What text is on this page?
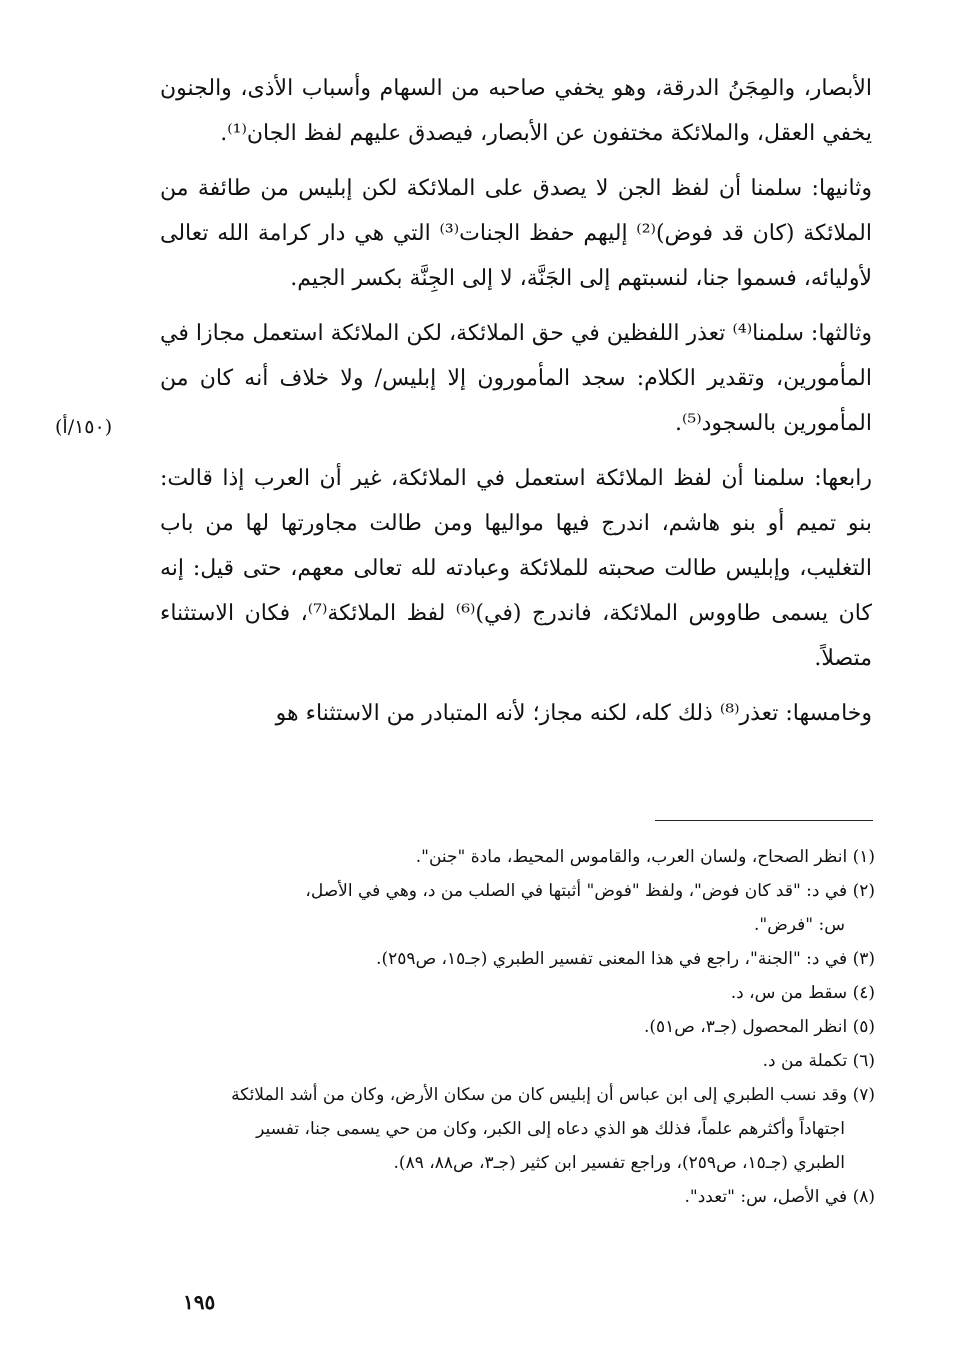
الأبصار، والمِجَنُ الدرقة، وهو يخفي صاحبه من السهام وأسباب الأذى، والجنون يخفي العقل، والملائكة مختفون عن الأبصار، فيصدق عليهم لفظ الجان⁽¹⁾.

وثانيها: سلمنا أن لفظ الجن لا يصدق على الملائكة لكن إبليس من طائفة من الملائكة (كان قد فوض)⁽²⁾ إليهم حفظ الجنات⁽³⁾ التي هي دار كرامة الله تعالى لأوليائه، فسموا جنا، لنسبتهم إلى الجَنَّة، لا إلى الجِنَّة بكسر الجيم.

وثالثها: سلمنا⁽⁴⁾ تعذر اللفظين في حق الملائكة، لكن الملائكة استعمل مجازا في المأمورين، وتقدير الكلام: سجد المأمورون إلا إبليس/ ولا خلاف أنه كان من المأمورين بالسجود⁽⁵⁾.

رابعها: سلمنا أن لفظ الملائكة استعمل في الملائكة، غير أن العرب إذا قالت: بنو تميم أو بنو هاشم، اندرج فيها مواليها ومن طالت مجاورتها لها من باب التغليب، وإبليس طالت صحبته للملائكة وعبادته لله تعالى معهم، حتى قيل: إنه كان يسمى طاووس الملائكة، فاندرج (في)⁽⁶⁾ لفظ الملائكة⁽⁷⁾، فكان الاستثناء متصلاً.

وخامسها: تعذر⁽⁸⁾ ذلك كله، لكنه مجاز؛ لأنه المتبادر من الاستثناء هو

(١٥٠/أ)

(١) انظر الصحاح، ولسان العرب، والقاموس المحيط، مادة "جنن".

(٢) في د: "قد كان فوض"، ولفظ "فوض" أثبتها في الصلب من د، وهي في الأصل،

س: "فرض".

(٣) في د: "الجنة"، راجع في هذا المعنى تفسير الطبري (جـ١٥، ص٢٥٩).

(٤) سقط من س، د.

(٥) انظر المحصول (جـ٣، ص٥١).

(٦) تكملة من د.

(٧) وقد نسب الطبري إلى ابن عباس أن إبليس كان من سكان الأرض، وكان من أشد الملائكة

اجتهاداً وأكثرهم علماً، فذلك هو الذي دعاه إلى الكبر، وكان من حي يسمى جنا، تفسير

الطبري (جـ١٥، ص٢٥٩)، وراجع تفسير ابن كثير (جـ٣، ص٨٨، ٨٩).

(٨) في الأصل، س: "تعدد".

١٩٥
